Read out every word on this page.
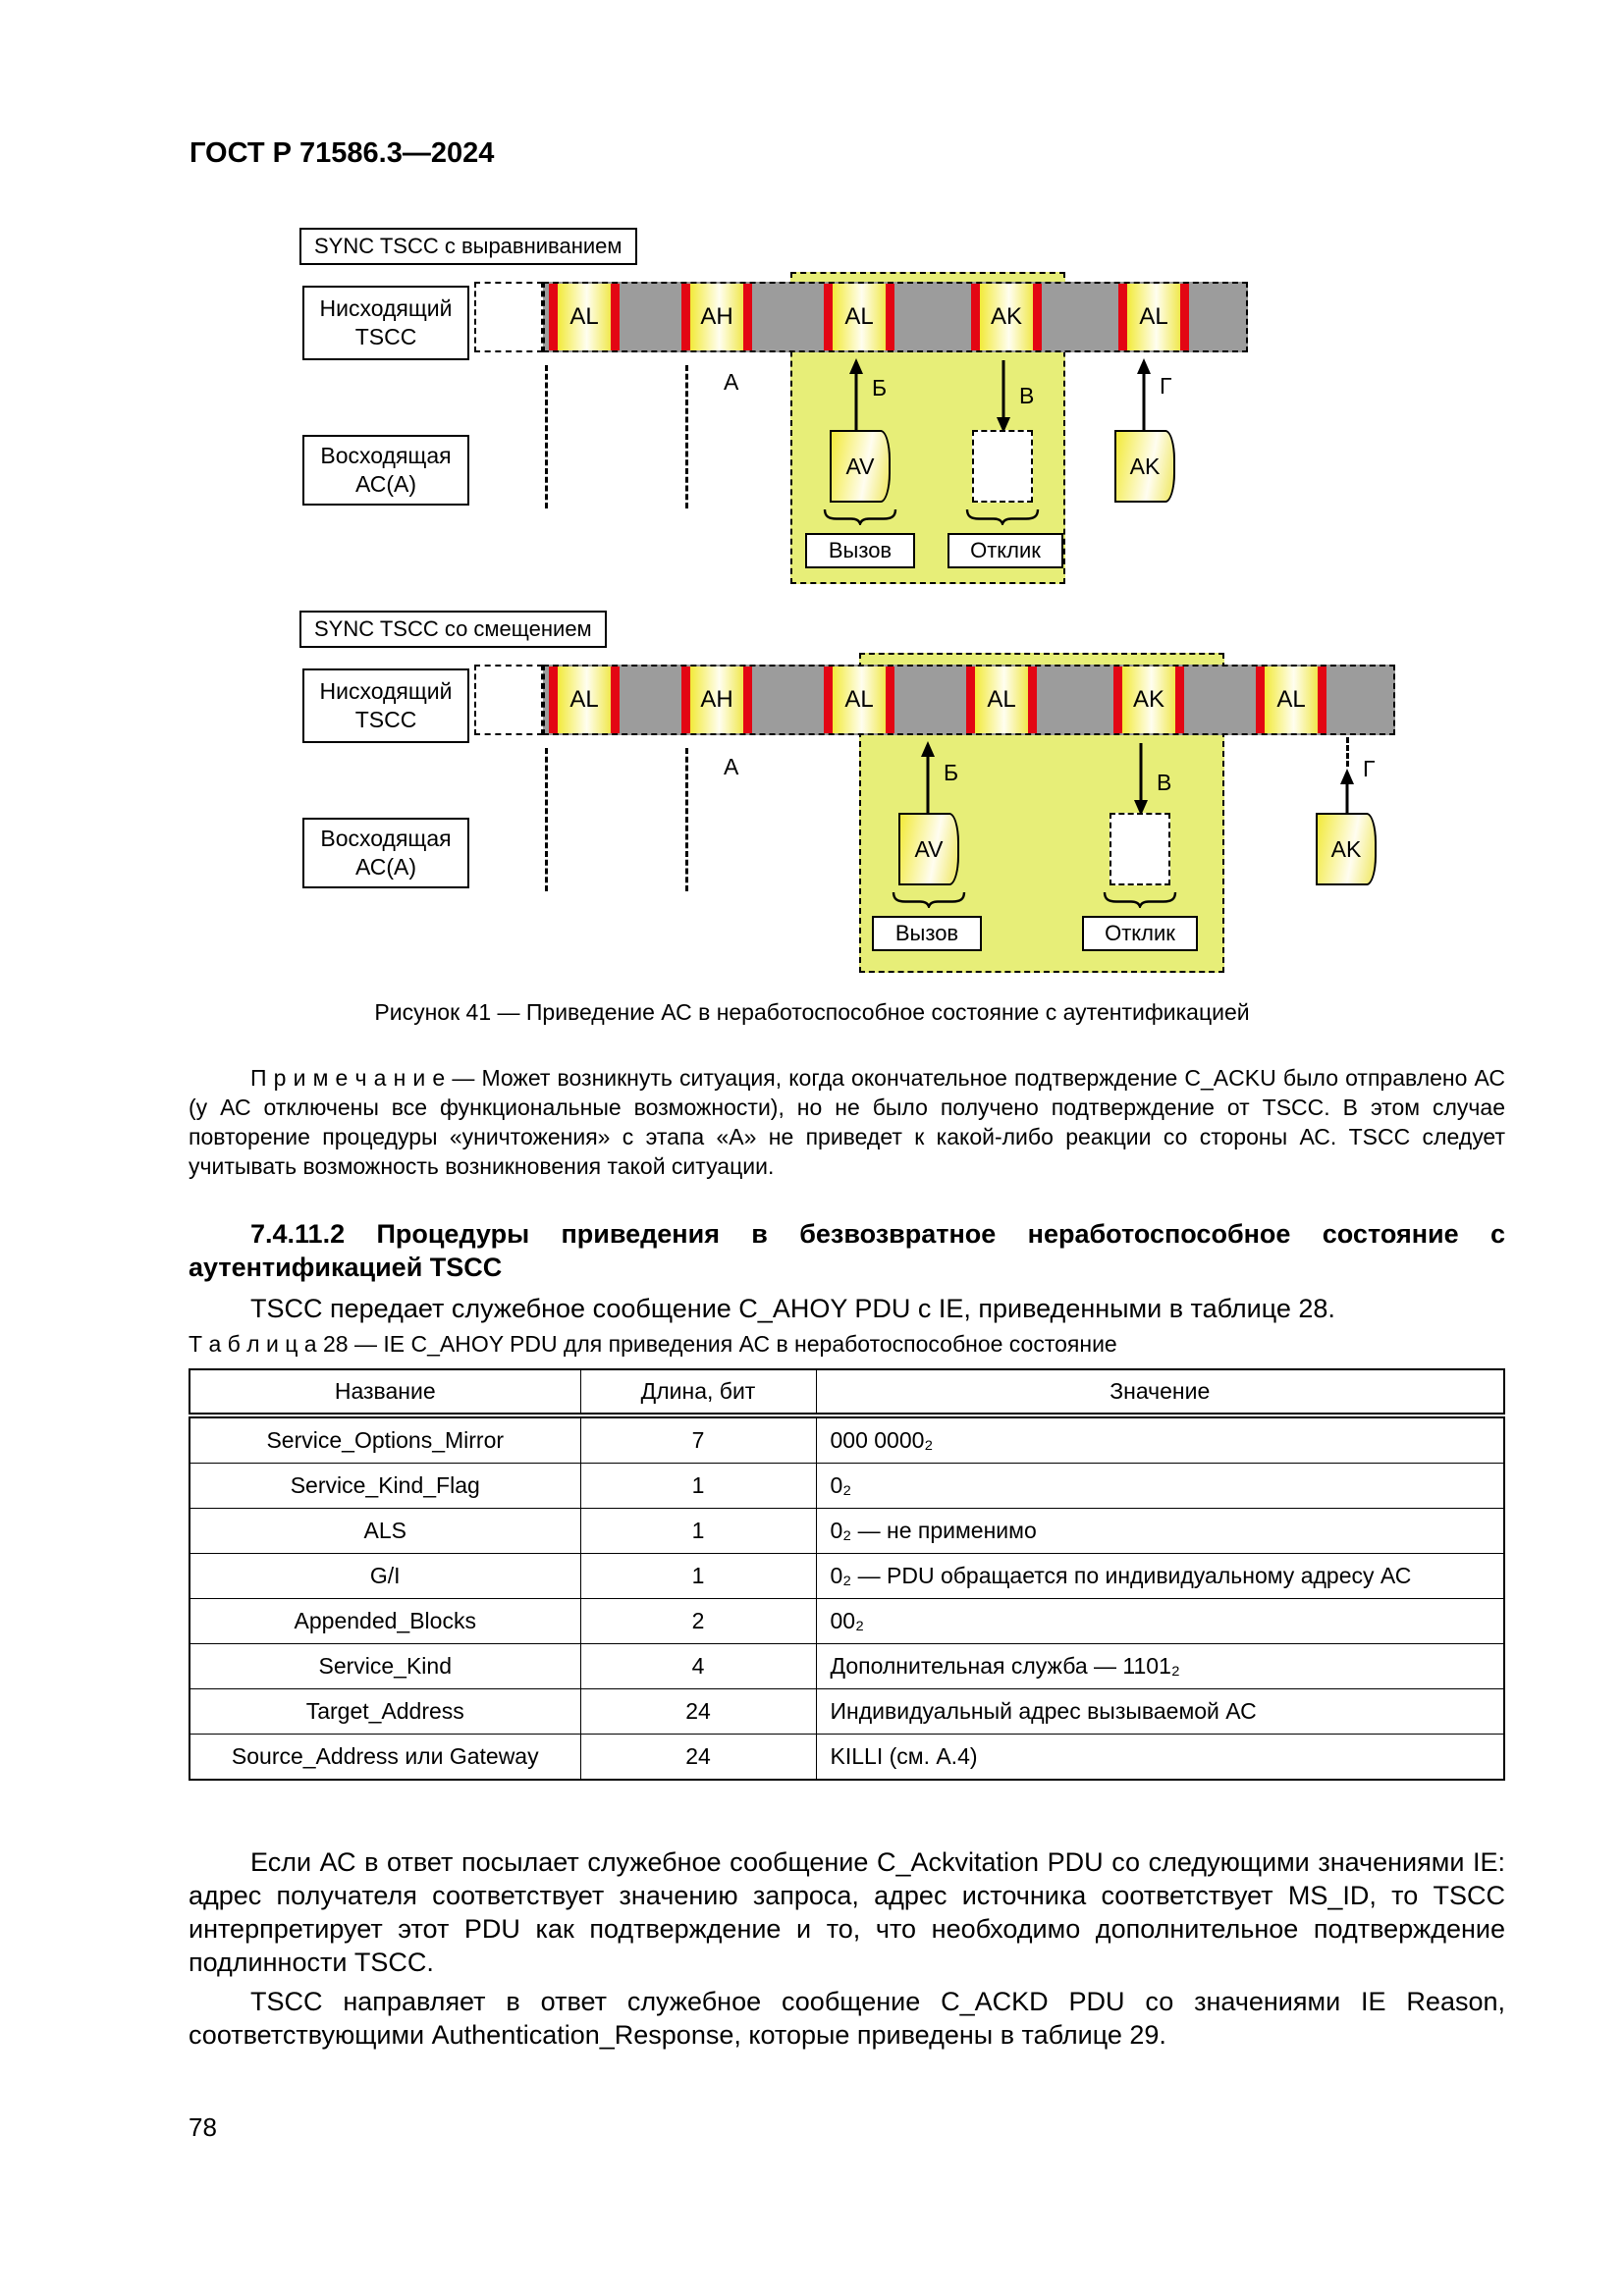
ГОСТ Р 71586.3—2024
SYNC TSCC с выравниванием
Нисходящий
TSCC
AL	AH	AL	AK	AL
А	Б	В	Г
Восходящая
АС(А)
AV	AK
Вызов	Отклик
SYNC TSCC со смещением
Нисходящий
TSCC
AL	AH	AL	AL	AK	AL
А	Б	В
Г
Восходящая
АС(А)
AV	AK
Вызов	Отклик
Рисунок 41 — Приведение АС в неработоспособное состояние с аутентификацией
П р и м е ч а н и е — Может возникнуть ситуация, когда окончательное подтверждение C_ACKU было отправлено АС (у АС отключены все функциональные возможности), но не было получено подтверждение от TSCC. В этом случае повторение процедуры «уничтожения» с этапа «А» не приведет к какой-либо реакции со стороны АС. TSCC следует учитывать возможность возникновения такой ситуации.
7.4.11.2 Процедуры приведения в безвозвратное неработоспособное состояние с аутентификацией TSCC
TSCC передает служебное сообщение C_AHOY PDU с IE, приведенными в таблице 28.
Т а б л и ц а 28 — IE C_AHOY PDU для приведения АС в неработоспособное состояние
Название	Длина, бит	Значение
Service_Options_Mirror	7	000 0000₂
Service_Kind_Flag	1	0₂
ALS	1	0₂ — не применимо
G/I	1	0₂ — PDU обращается по индивидуальному адресу АС
Appended_Blocks	2	00₂
Service_Kind	4	Дополнительная служба — 1101₂
Target_Address	24	Индивидуальный адрес вызываемой АС
Source_Address или Gateway	24	KILLI (см. А.4)
Если АС в ответ посылает служебное сообщение C_Ackvitation PDU со следующими значениями IE: адрес получателя соответствует значению запроса, адрес источника соответствует MS_ID, то TSCC интерпретирует этот PDU как подтверждение и то, что необходимо дополнительное подтверждение подлинности TSCC.
TSCC направляет в ответ служебное сообщение C_ACKD PDU со значениями IE Reason, соответствующими Authentication_Response, которые приведены в таблице 29.
78
